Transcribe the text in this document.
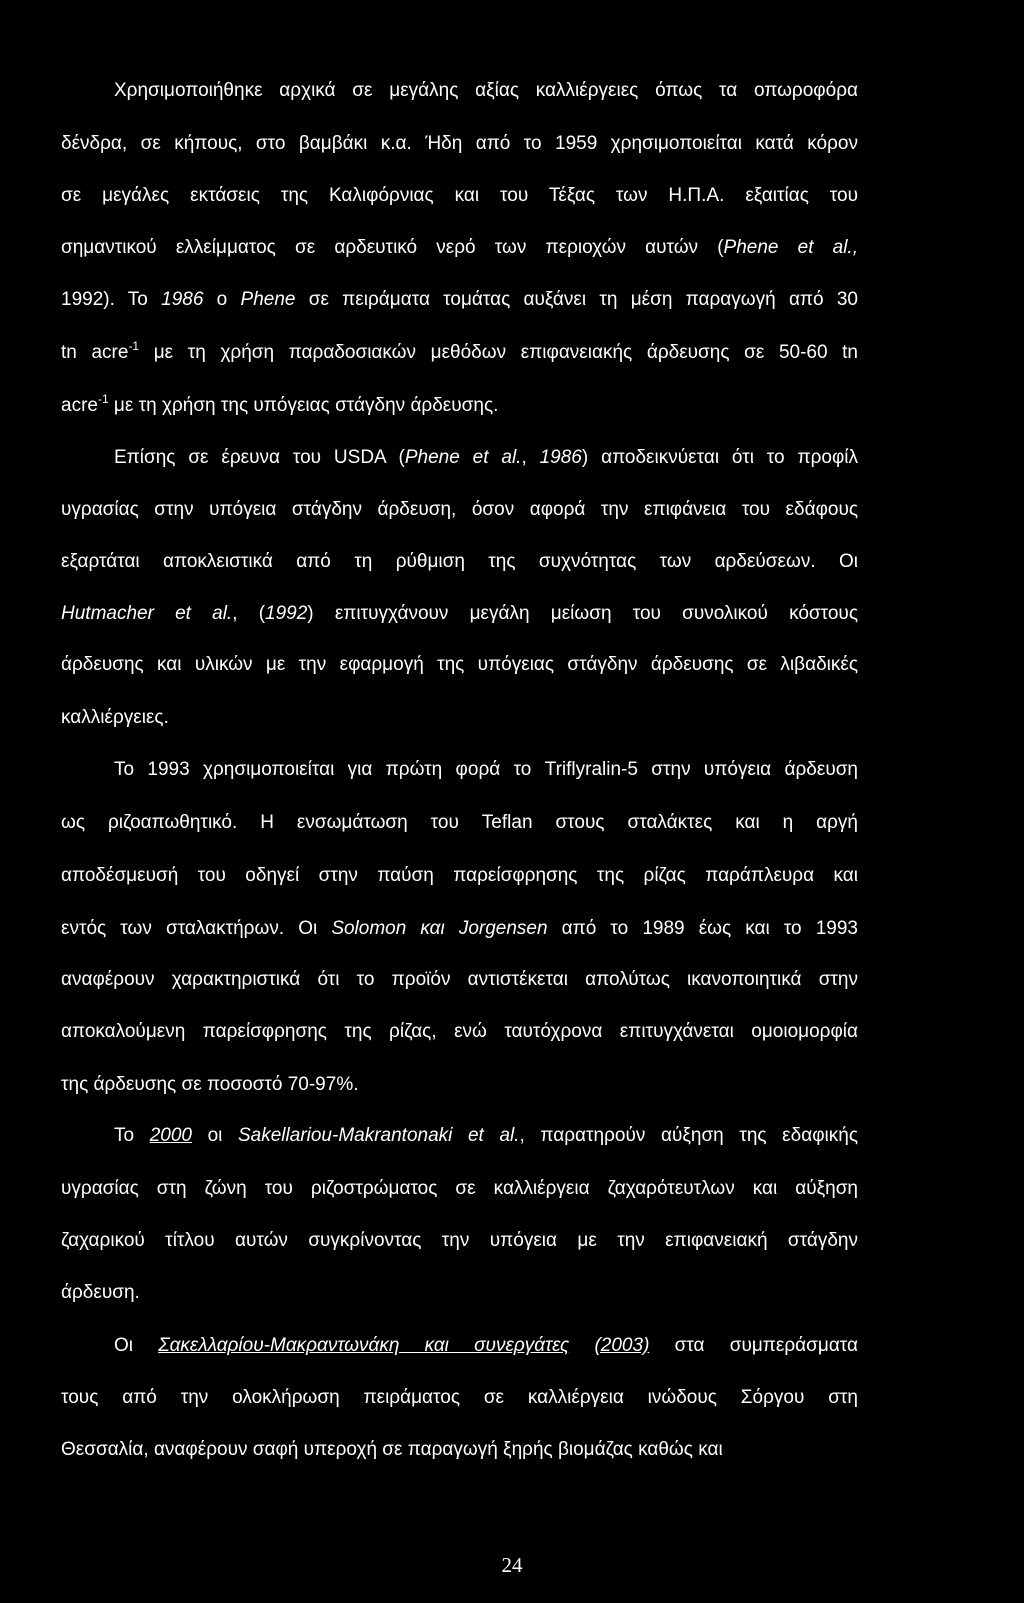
Χρησιμοποιήθηκε αρχικά σε μεγάλης αξίας καλλιέργειες όπως τα οπωροφόρα
δένδρα, σε κήπους, στο βαμβάκι κ.α. Ήδη από το 1959 χρησιμοποιείται κατά κόρον
σε μεγάλες εκτάσεις της Καλιφόρνιας και του Τέξας των Η.Π.Α. εξαιτίας του
σημαντικού ελλείμματος σε αρδευτικό νερό των περιοχών αυτών (Phene et al.,
1992). Το 1986 ο Phene σε πειράματα τομάτας αυξάνει τη μέση παραγωγή από 30
tn acre$^{-1}$ με τη χρήση παραδοσιακών μεθόδων επιφανειακής άρδευσης σε 50-60 tn
acre$^{-1}$ με τη χρήση της υπόγειας στάγδην άρδευσης.
Επίσης σε έρευνα του USDA (Phene et al., 1986) αποδεικνύεται ότι το προφίλ
υγρασίας στην υπόγεια στάγδην άρδευση, όσον αφορά την επιφάνεια του εδάφους
εξαρτάται αποκλειστικά από τη ρύθμιση της συχνότητας των αρδεύσεων. Οι
Hutmacher et al., (1992) επιτυγχάνουν μεγάλη μείωση του συνολικού κόστους
άρδευσης και υλικών με την εφαρμογή της υπόγειας στάγδην άρδευσης σε λιβαδικές
καλλιέργειες.
Το 1993 χρησιμοποιείται για πρώτη φορά το Triflyralin-5 στην υπόγεια άρδευση
ως ριζοαπωθητικό. Η ενσωμάτωση του Teflan στους σταλάκτες και η αργή
αποδέσμευσή του οδηγεί στην παύση παρείσφρησης της ρίζας παράπλευρα και
εντός των σταλακτήρων. Οι Solomon και Jorgensen από το 1989 έως και το 1993
αναφέρουν χαρακτηριστικά ότι το προϊόν αντιστέκεται απολύτως ικανοποιητικά στην
αποκαλούμενη παρείσφρησης της ρίζας, ενώ ταυτόχρονα επιτυγχάνεται ομοιομορφία
της άρδευσης σε ποσοστό 70-97%.
Το 2000 οι Sakellariou-Makrantonaki et al., παρατηρούν αύξηση της εδαφικής
υγρασίας στη ζώνη του ριζοστρώματος σε καλλιέργεια ζαχαρότευτλων και αύξηση
ζαχαρικού τίτλου αυτών συγκρίνοντας την υπόγεια με την επιφανειακή στάγδην
άρδευση.
Οι Σακελλαρίου-Μακραντωνάκη και συνεργάτες (2003) στα συμπεράσματα
τους από την ολοκλήρωση πειράματος σε καλλιέργεια ινώδους Σόργου στη
Θεσσαλία, αναφέρουν σαφή υπεροχή σε παραγωγή ξηρής βιομάζας καθώς και
24
